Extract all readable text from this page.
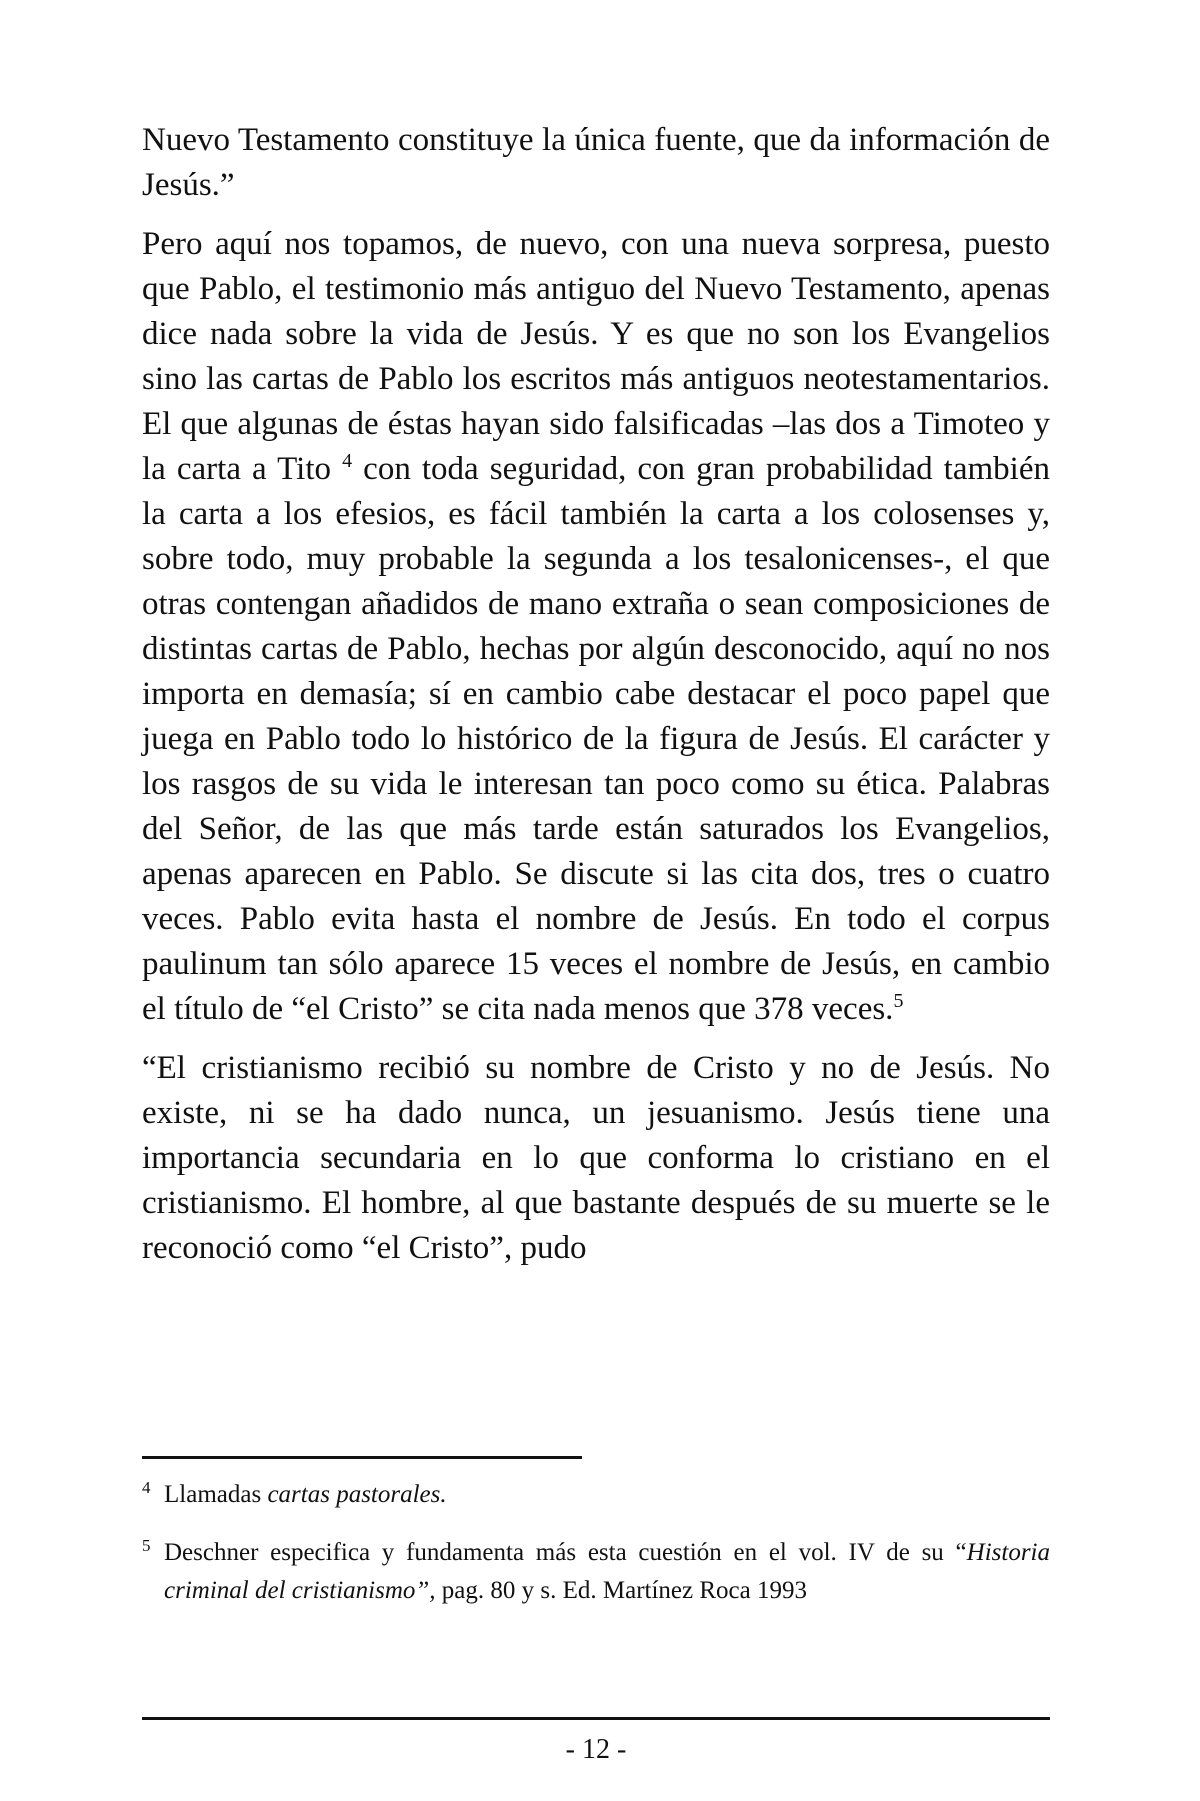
Nuevo Testamento constituye la única fuente, que da información de Jesús.”

Pero aquí nos topamos, de nuevo, con una nueva sorpresa, puesto que Pablo, el testimonio más antiguo del Nuevo Testamento, apenas dice nada sobre la vida de Jesús. Y es que no son los Evangelios sino las cartas de Pablo los escritos más antiguos neotestamentarios. El que algunas de éstas hayan sido falsificadas –las dos a Timoteo y la carta a Tito $^4$ con toda seguridad, con gran probabilidad también la carta a los efesios, es fácil también la carta a los colosenses y, sobre todo, muy probable la segunda a los tesalonicenses-, el que otras contengan añadidos de mano extraña o sean composiciones de distintas cartas de Pablo, hechas por algún desconocido, aquí no nos importa en demasía; sí en cambio cabe destacar el poco papel que juega en Pablo todo lo histórico de la figura de Jesús. El carácter y los rasgos de su vida le interesan tan poco como su ética. Palabras del Señor, de las que más tarde están saturados los Evangelios, apenas aparecen en Pablo. Se discute si las cita dos, tres o cuatro veces. Pablo evita hasta el nombre de Jesús. En todo el corpus paulinum tan sólo aparece 15 veces el nombre de Jesús, en cambio el título de “el Cristo” se cita nada menos que 378 veces.$^5$

“El cristianismo recibió su nombre de Cristo y no de Jesús. No existe, ni se ha dado nunca, un jesuanismo. Jesús tiene una importancia secundaria en lo que conforma lo cristiano en el cristianismo. El hombre, al que bastante después de su muerte se le reconoció como “el Cristo”, pudo

4 Llamadas cartas pastorales.

5 Deschner especifica y fundamenta más esta cuestión en el vol. IV de su “Historia criminal del cristianismo”, pag. 80 y s. Ed. Martínez Roca 1993

- 12 -
